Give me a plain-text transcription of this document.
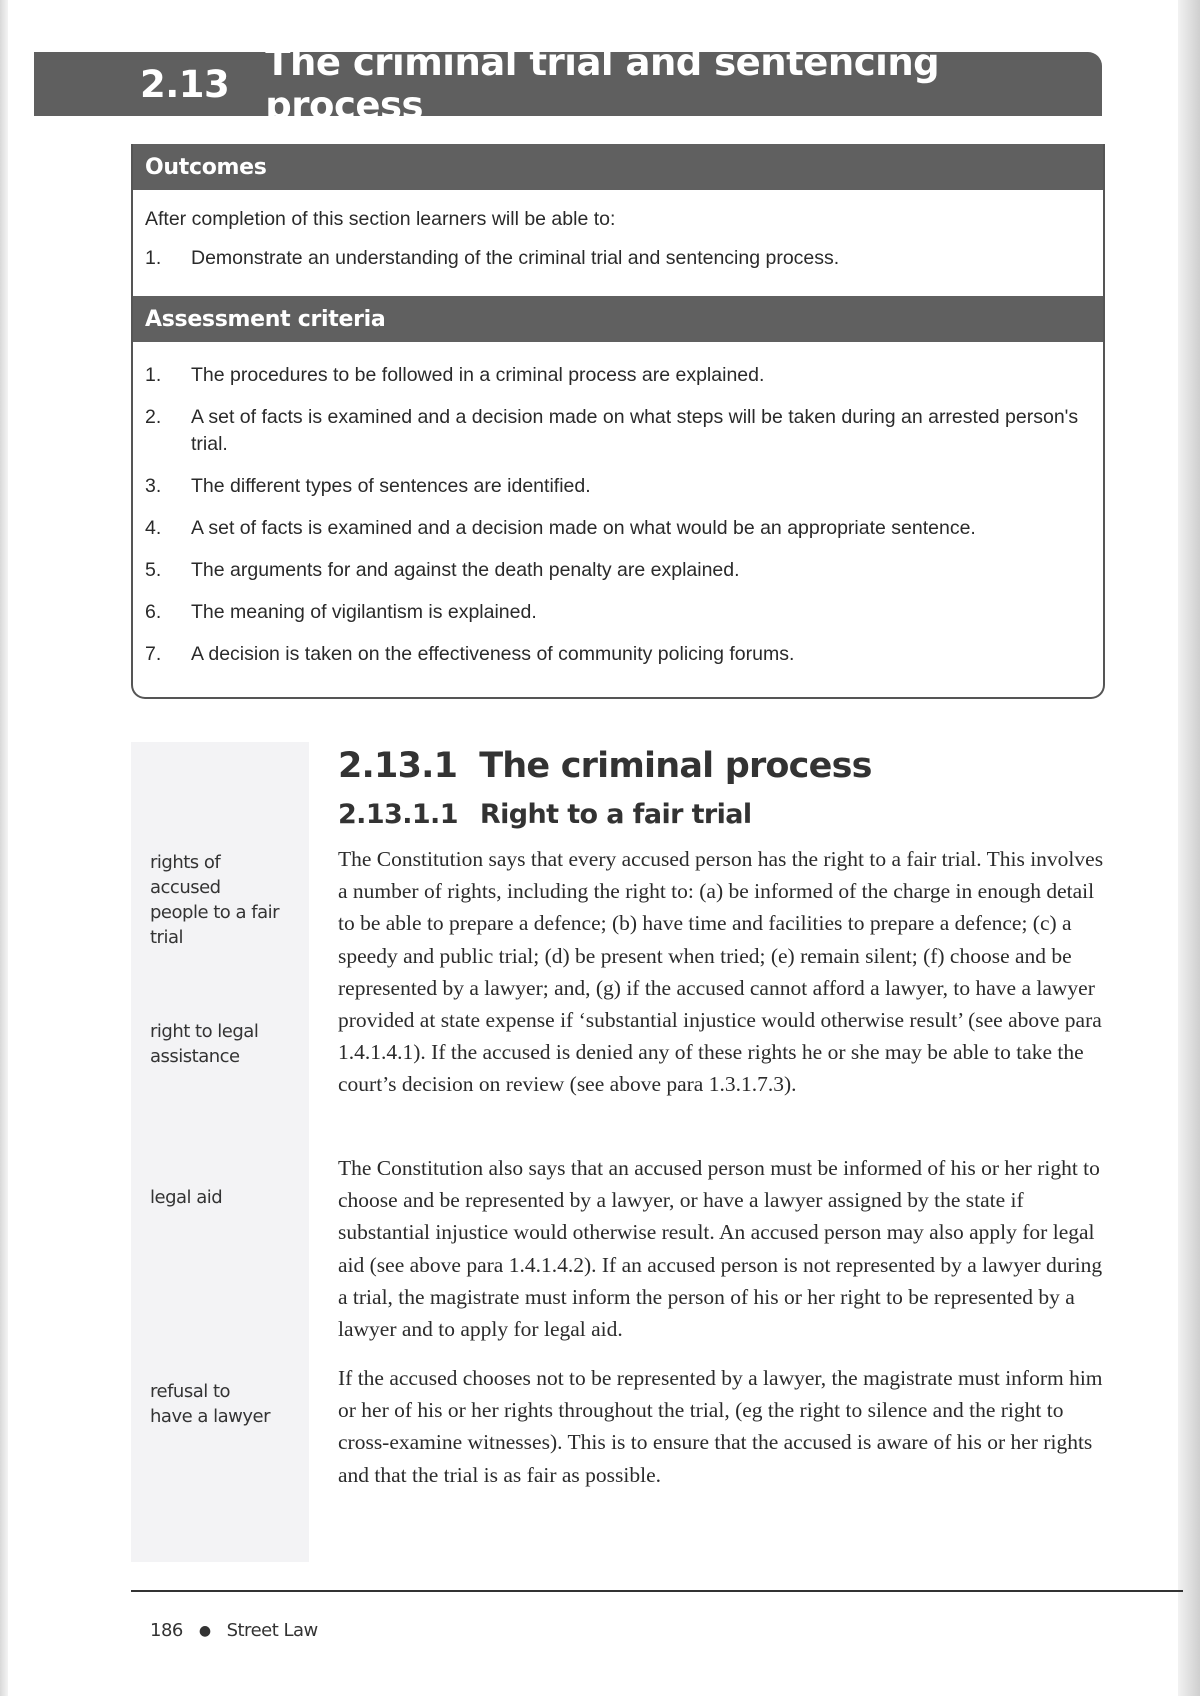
2.13 The criminal trial and sentencing process
Outcomes
After completion of this section learners will be able to:
1.	Demonstrate an understanding of the criminal trial and sentencing process.
Assessment criteria
1.	The procedures to be followed in a criminal process are explained.
2.	A set of facts is examined and a decision made on what steps will be taken during an arrested person's trial.
3.	The different types of sentences are identified.
4.	A set of facts is examined and a decision made on what would be an appropriate sentence.
5.	The arguments for and against the death penalty are explained.
6.	The meaning of vigilantism is explained.
7.	A decision is taken on the effectiveness of community policing forums.
rights of accused people to a fair trial
right to legal assistance
legal aid
refusal to have a lawyer
2.13.1 The criminal process
2.13.1.1 Right to a fair trial
The Constitution says that every accused person has the right to a fair trial. This involves a number of rights, including the right to: (a) be informed of the charge in enough detail to be able to prepare a defence; (b) have time and facilities to prepare a defence; (c) a speedy and public trial; (d) be present when tried; (e) remain silent; (f) choose and be represented by a lawyer; and, (g) if the accused cannot afford a lawyer, to have a lawyer provided at state expense if ‘substantial injustice would otherwise result’ (see above para 1.4.1.4.1). If the accused is denied any of these rights he or she may be able to take the court’s decision on review (see above para 1.3.1.7.3).
The Constitution also says that an accused person must be informed of his or her right to choose and be represented by a lawyer, or have a lawyer assigned by the state if substantial injustice would otherwise result. An accused person may also apply for legal aid (see above para 1.4.1.4.2). If an accused person is not represented by a lawyer during a trial, the magistrate must inform the person of his or her right to be represented by a lawyer and to apply for legal aid.
If the accused chooses not to be represented by a lawyer, the magistrate must inform him or her of his or her rights throughout the trial, (eg the right to silence and the right to cross-examine witnesses). This is to ensure that the accused is aware of his or her rights and that the trial is as fair as possible.
186 ● Street Law
